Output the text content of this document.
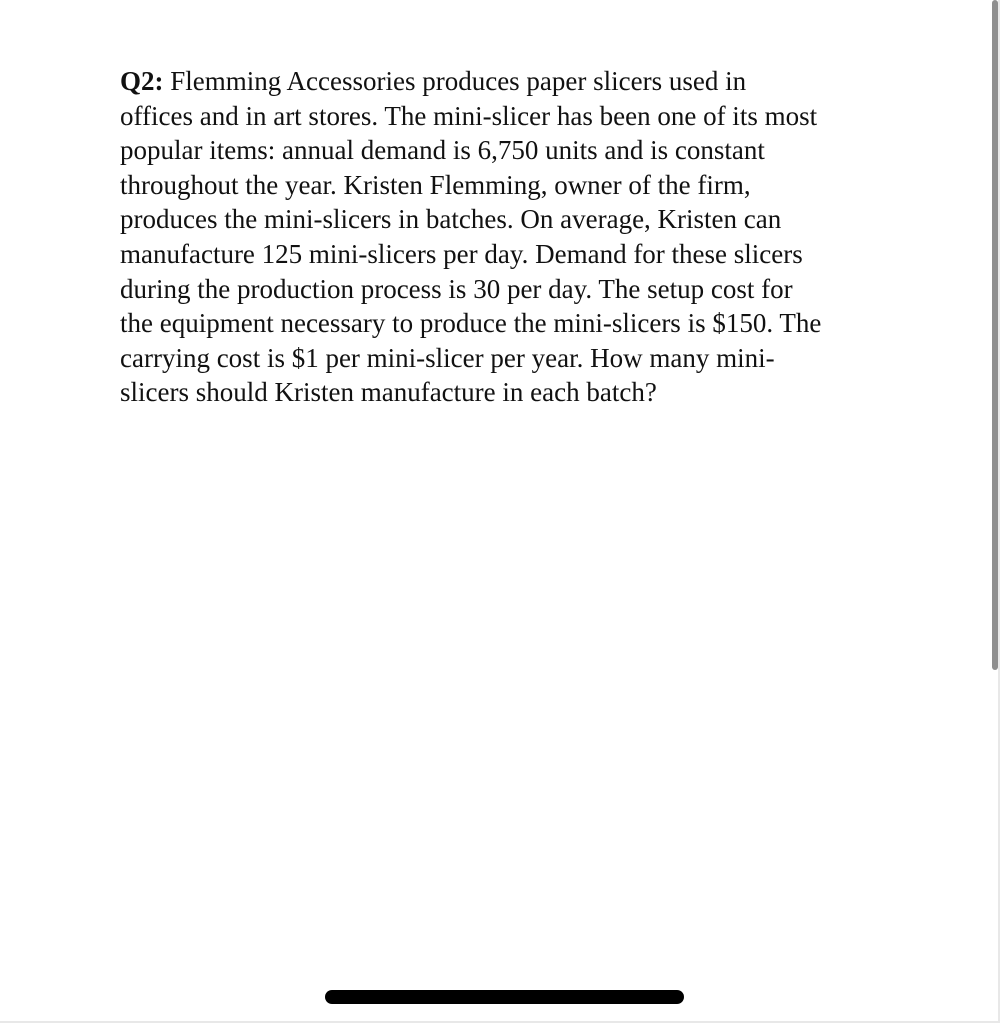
Q2: Flemming Accessories produces paper slicers used in
offices and in art stores. The mini-slicer has been one of its most
popular items: annual demand is 6,750 units and is constant
throughout the year. Kristen Flemming, owner of the firm,
produces the mini-slicers in batches. On average, Kristen can
manufacture 125 mini-slicers per day. Demand for these slicers
during the production process is 30 per day. The setup cost for
the equipment necessary to produce the mini-slicers is $150. The
carrying cost is $1 per mini-slicer per year. How many mini-
slicers should Kristen manufacture in each batch?
